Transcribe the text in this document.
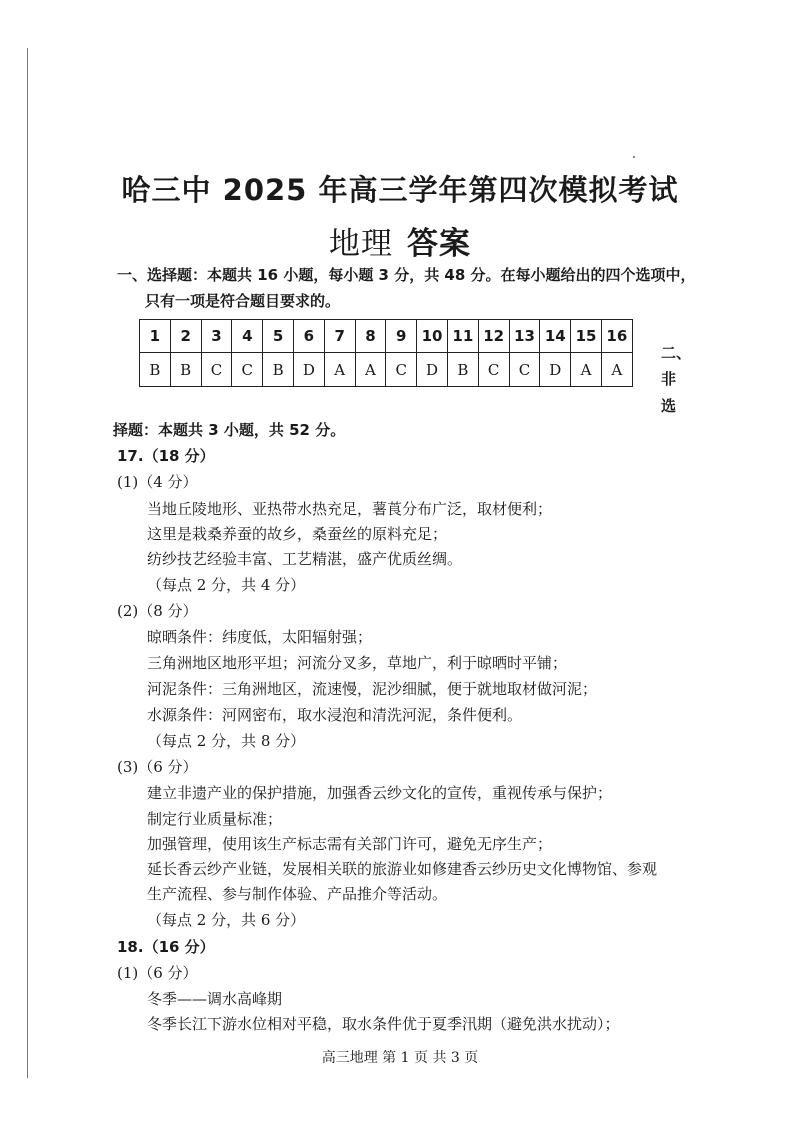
哈三中 2025 年高三学年第四次模拟考试
地理 答案
一、选择题：本题共 16 小题，每小题 3 分，共 48 分。在每小题给出的四个选项中，
只有一项是符合题目要求的。
1	2	3	4	5	6	7	8	9	10	11	12	13	14	15	16
B	B	C	C	B	D	A	A	C	D	B	C	C	D	A	A
二、
非
选
择题：本题共 3 小题，共 52 分。
17.（18 分）
(1)（4 分）
当地丘陵地形、亚热带水热充足，薯莨分布广泛，取材便利；
这里是栽桑养蚕的故乡，桑蚕丝的原料充足；
纺纱技艺经验丰富、工艺精湛，盛产优质丝绸。
（每点 2 分，共 4 分）
(2)（8 分）
晾晒条件：纬度低，太阳辐射强；
三角洲地区地形平坦；河流分叉多，草地广，利于晾晒时平铺；
河泥条件：三角洲地区，流速慢，泥沙细腻，便于就地取材做河泥；
水源条件：河网密布，取水浸泡和清洗河泥，条件便利。
（每点 2 分，共 8 分）
(3)（6 分）
建立非遗产业的保护措施，加强香云纱文化的宣传，重视传承与保护；
制定行业质量标准；
加强管理，使用该生产标志需有关部门许可，避免无序生产；
延长香云纱产业链，发展相关联的旅游业如修建香云纱历史文化博物馆、参观
生产流程、参与制作体验、产品推介等活动。
（每点 2 分，共 6 分）
18.（16 分）
(1)（6 分）
冬季——调水高峰期
冬季长江下游水位相对平稳，取水条件优于夏季汛期（避免洪水扰动）；
高三地理 第 1 页 共 3 页
